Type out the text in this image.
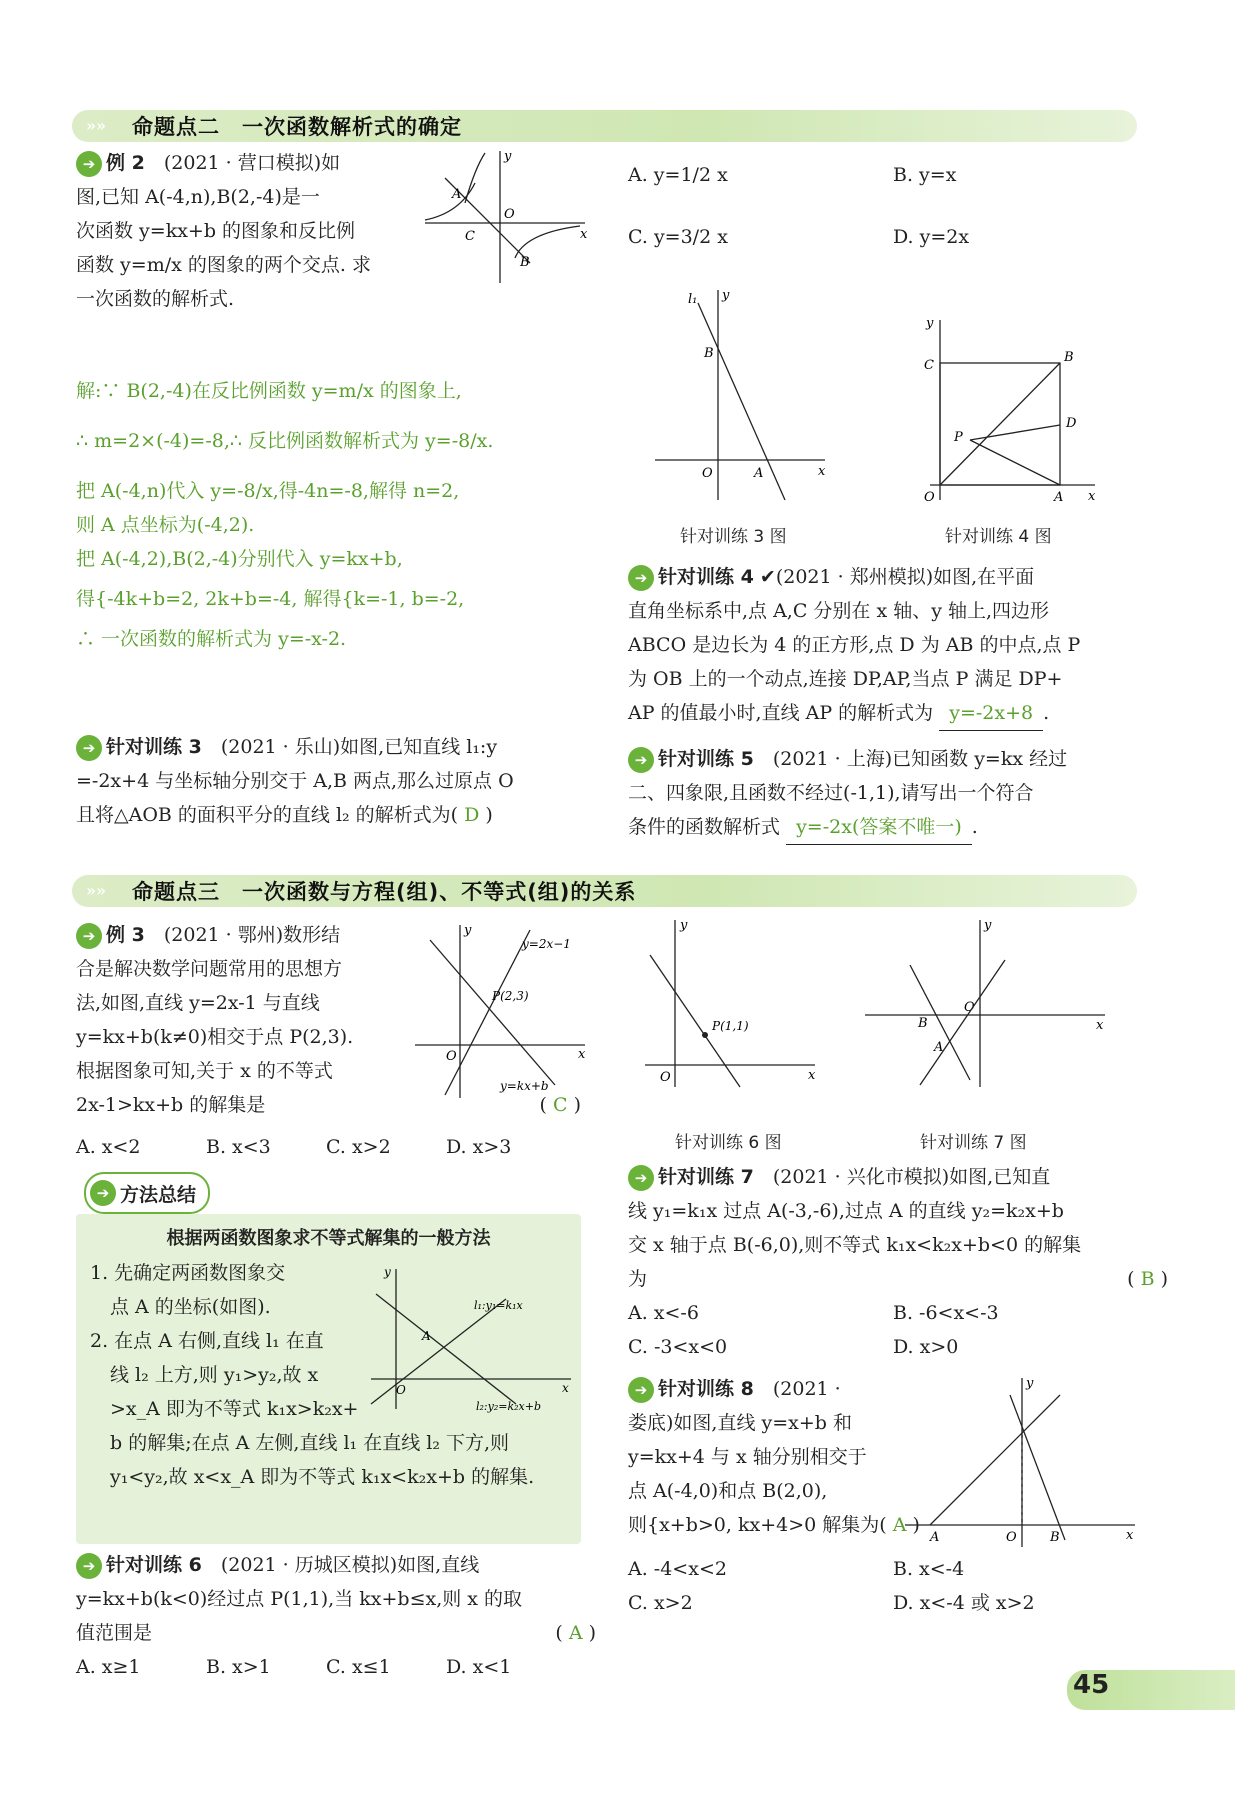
»» 命题点二　一次函数解析式的确定
➔ 例 2　 (2021 · 营口模拟)如
图,已知 A(-4,n),B(2,-4)是一
次函数 y=kx+b 的图象和反比例
函数 y=m/x 的图象的两个交点. 求
一次函数的解析式.
x
y
O
A
C
B
解:∵ B(2,-4)在反比例函数 y=m/x 的图象上,
∴ m=2×(-4)=-8,∴ 反比例函数解析式为 y=-8/x.
把 A(-4,n)代入 y=-8/x,得-4n=-8,解得 n=2,
则 A 点坐标为(-4,2).
把 A(-4,2),B(2,-4)分别代入 y=kx+b,
得{-4k+b=2, 2k+b=-4, 解得{k=-1, b=-2,
∴ 一次函数的解析式为 y=-x-2.
➔ 针对训练 3　 (2021 · 乐山)如图,已知直线 l₁:y
=-2x+4 与坐标轴分别交于 A,B 两点,那么过原点 O
且将△AOB 的面积平分的直线 l₂ 的解析式为( D )
A. y=1/2 x	B. y=x
C. y=3/2 x	D. y=2x
x
y
O
l₁
B
A
针对训练 3 图
x
y
O
C
B
D
P
A
针对训练 4 图
➔ 针对训练 4 ✔(2021 · 郑州模拟)如图,在平面
直角坐标系中,点 A,C 分别在 x 轴、y 轴上,四边形
ABCO 是边长为 4 的正方形,点 D 为 AB 的中点,点 P
为 OB 上的一个动点,连接 DP,AP,当点 P 满足 DP+
AP 的值最小时,直线 AP 的解析式为 y=-2x+8 .
➔ 针对训练 5　 (2021 · 上海)已知函数 y=kx 经过
二、四象限,且函数不经过(-1,1),请写出一个符合
条件的函数解析式 y=-2x(答案不唯一) .
»» 命题点三　一次函数与方程(组)、不等式(组)的关系
➔ 例 3　 (2021 · 鄂州)数形结
合是解决数学问题常用的思想方
法,如图,直线 y=2x-1 与直线
y=kx+b(k≠0)相交于点 P(2,3).
根据图象可知,关于 x 的不等式
2x-1>kx+b 的解集是	( C )
A. x<2	B. x<3	C. x>2	D. x>3
x
y
O
y=2x−1
P(2,3)
y=kx+b
➔ 方法总结
根据两函数图象求不等式解集的一般方法
1. 先确定两函数图象交
点 A 的坐标(如图).
2. 在点 A 右侧,直线 l₁ 在直
线 l₂ 上方,则 y₁>y₂,故 x
>x_A 即为不等式 k₁x>k₂x+
b 的解集;在点 A 左侧,直线 l₁ 在直线 l₂ 下方,则
y₁<y₂,故 x<x_A 即为不等式 k₁x<k₂x+b 的解集.
x
y
O
A
l₁:y₁=k₁x
l₂:y₂=k₂x+b
➔ 针对训练 6　 (2021 · 历城区模拟)如图,直线
y=kx+b(k<0)经过点 P(1,1),当 kx+b≤x,则 x 的取
值范围是	( A )
A. x≥1	B. x>1	C. x≤1	D. x<1
x
y
O
P(1,1)
针对训练 6 图
x
y
O
B
A
针对训练 7 图
➔ 针对训练 7　 (2021 · 兴化市模拟)如图,已知直
线 y₁=k₁x 过点 A(-3,-6),过点 A 的直线 y₂=k₂x+b
交 x 轴于点 B(-6,0),则不等式 k₁x<k₂x+b<0 的解集
为	( B )
A. x<-6	B. -6<x<-3
C. -3<x<0	D. x>0
➔ 针对训练 8　 (2021 ·
娄底)如图,直线 y=x+b 和
y=kx+4 与 x 轴分别相交于
点 A(-4,0)和点 B(2,0),
则{x+b>0, kx+4>0 解集为( A )
A. -4<x<2	B. x<-4
C. x>2	D. x<-4 或 x>2
x
y
O
A	B
45
